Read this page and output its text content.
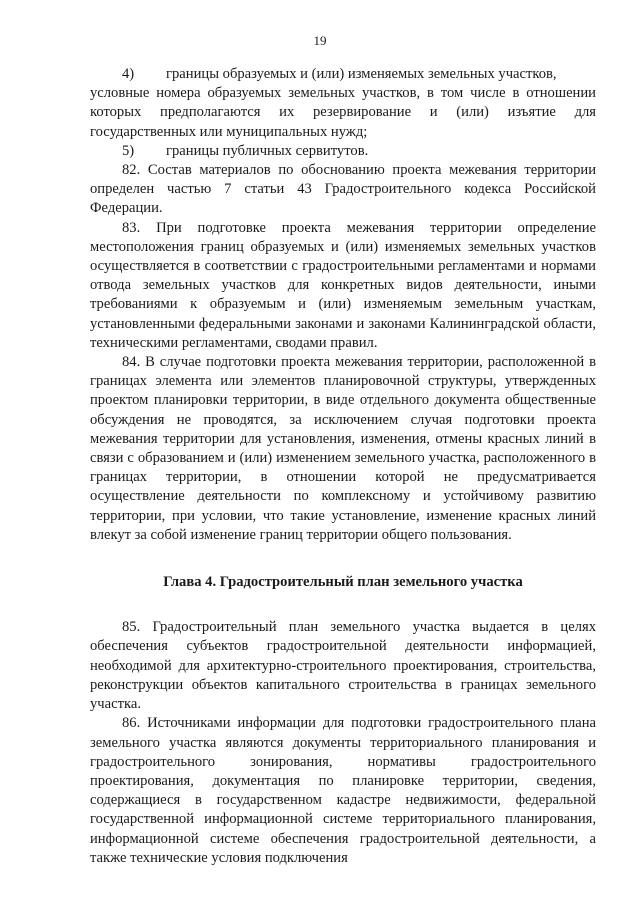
19
4)	границы образуемых и (или) изменяемых земельных участков,

условные номера образуемых земельных участков, в том числе в отношении которых предполагаются их резервирование и (или) изъятие для государственных или муниципальных нужд;

5)	границы публичных сервитутов.

82. Состав материалов по обоснованию проекта межевания территории определен частью 7 статьи 43 Градостроительного кодекса Российской Федерации.

83. При подготовке проекта межевания территории определение местоположения границ образуемых и (или) изменяемых земельных участков осуществляется в соответствии с градостроительными регламентами и нормами отвода земельных участков для конкретных видов деятельности, иными требованиями к образуемым и (или) изменяемым земельным участкам, установленными федеральными законами и законами Калининградской области, техническими регламентами, сводами правил.

84. В случае подготовки проекта межевания территории, расположенной в границах элемента или элементов планировочной структуры, утвержденных проектом планировки территории, в виде отдельного документа общественные обсуждения не проводятся, за исключением случая подготовки проекта межевания территории для установления, изменения, отмены красных линий в связи с образованием и (или) изменением земельного участка, расположенного в границах территории, в отношении которой не предусматривается осуществление деятельности по комплексному и устойчивому развитию территории, при условии, что такие установление, изменение красных линий влекут за собой изменение границ территории общего пользования.

Глава 4. Градостроительный план земельного участка

85. Градостроительный план земельного участка выдается в целях обеспечения субъектов градостроительной деятельности информацией, необходимой для архитектурно-строительного проектирования, строительства, реконструкции объектов капитального строительства в границах земельного участка.

86. Источниками информации для подготовки градостроительного плана земельного участка являются документы территориального планирования и градостроительного зонирования, нормативы градостроительного проектирования, документация по планировке территории, сведения, содержащиеся в государственном кадастре недвижимости, федеральной государственной информационной системе территориального планирования, информационной системе обеспечения градостроительной деятельности, а также технические условия подключения
